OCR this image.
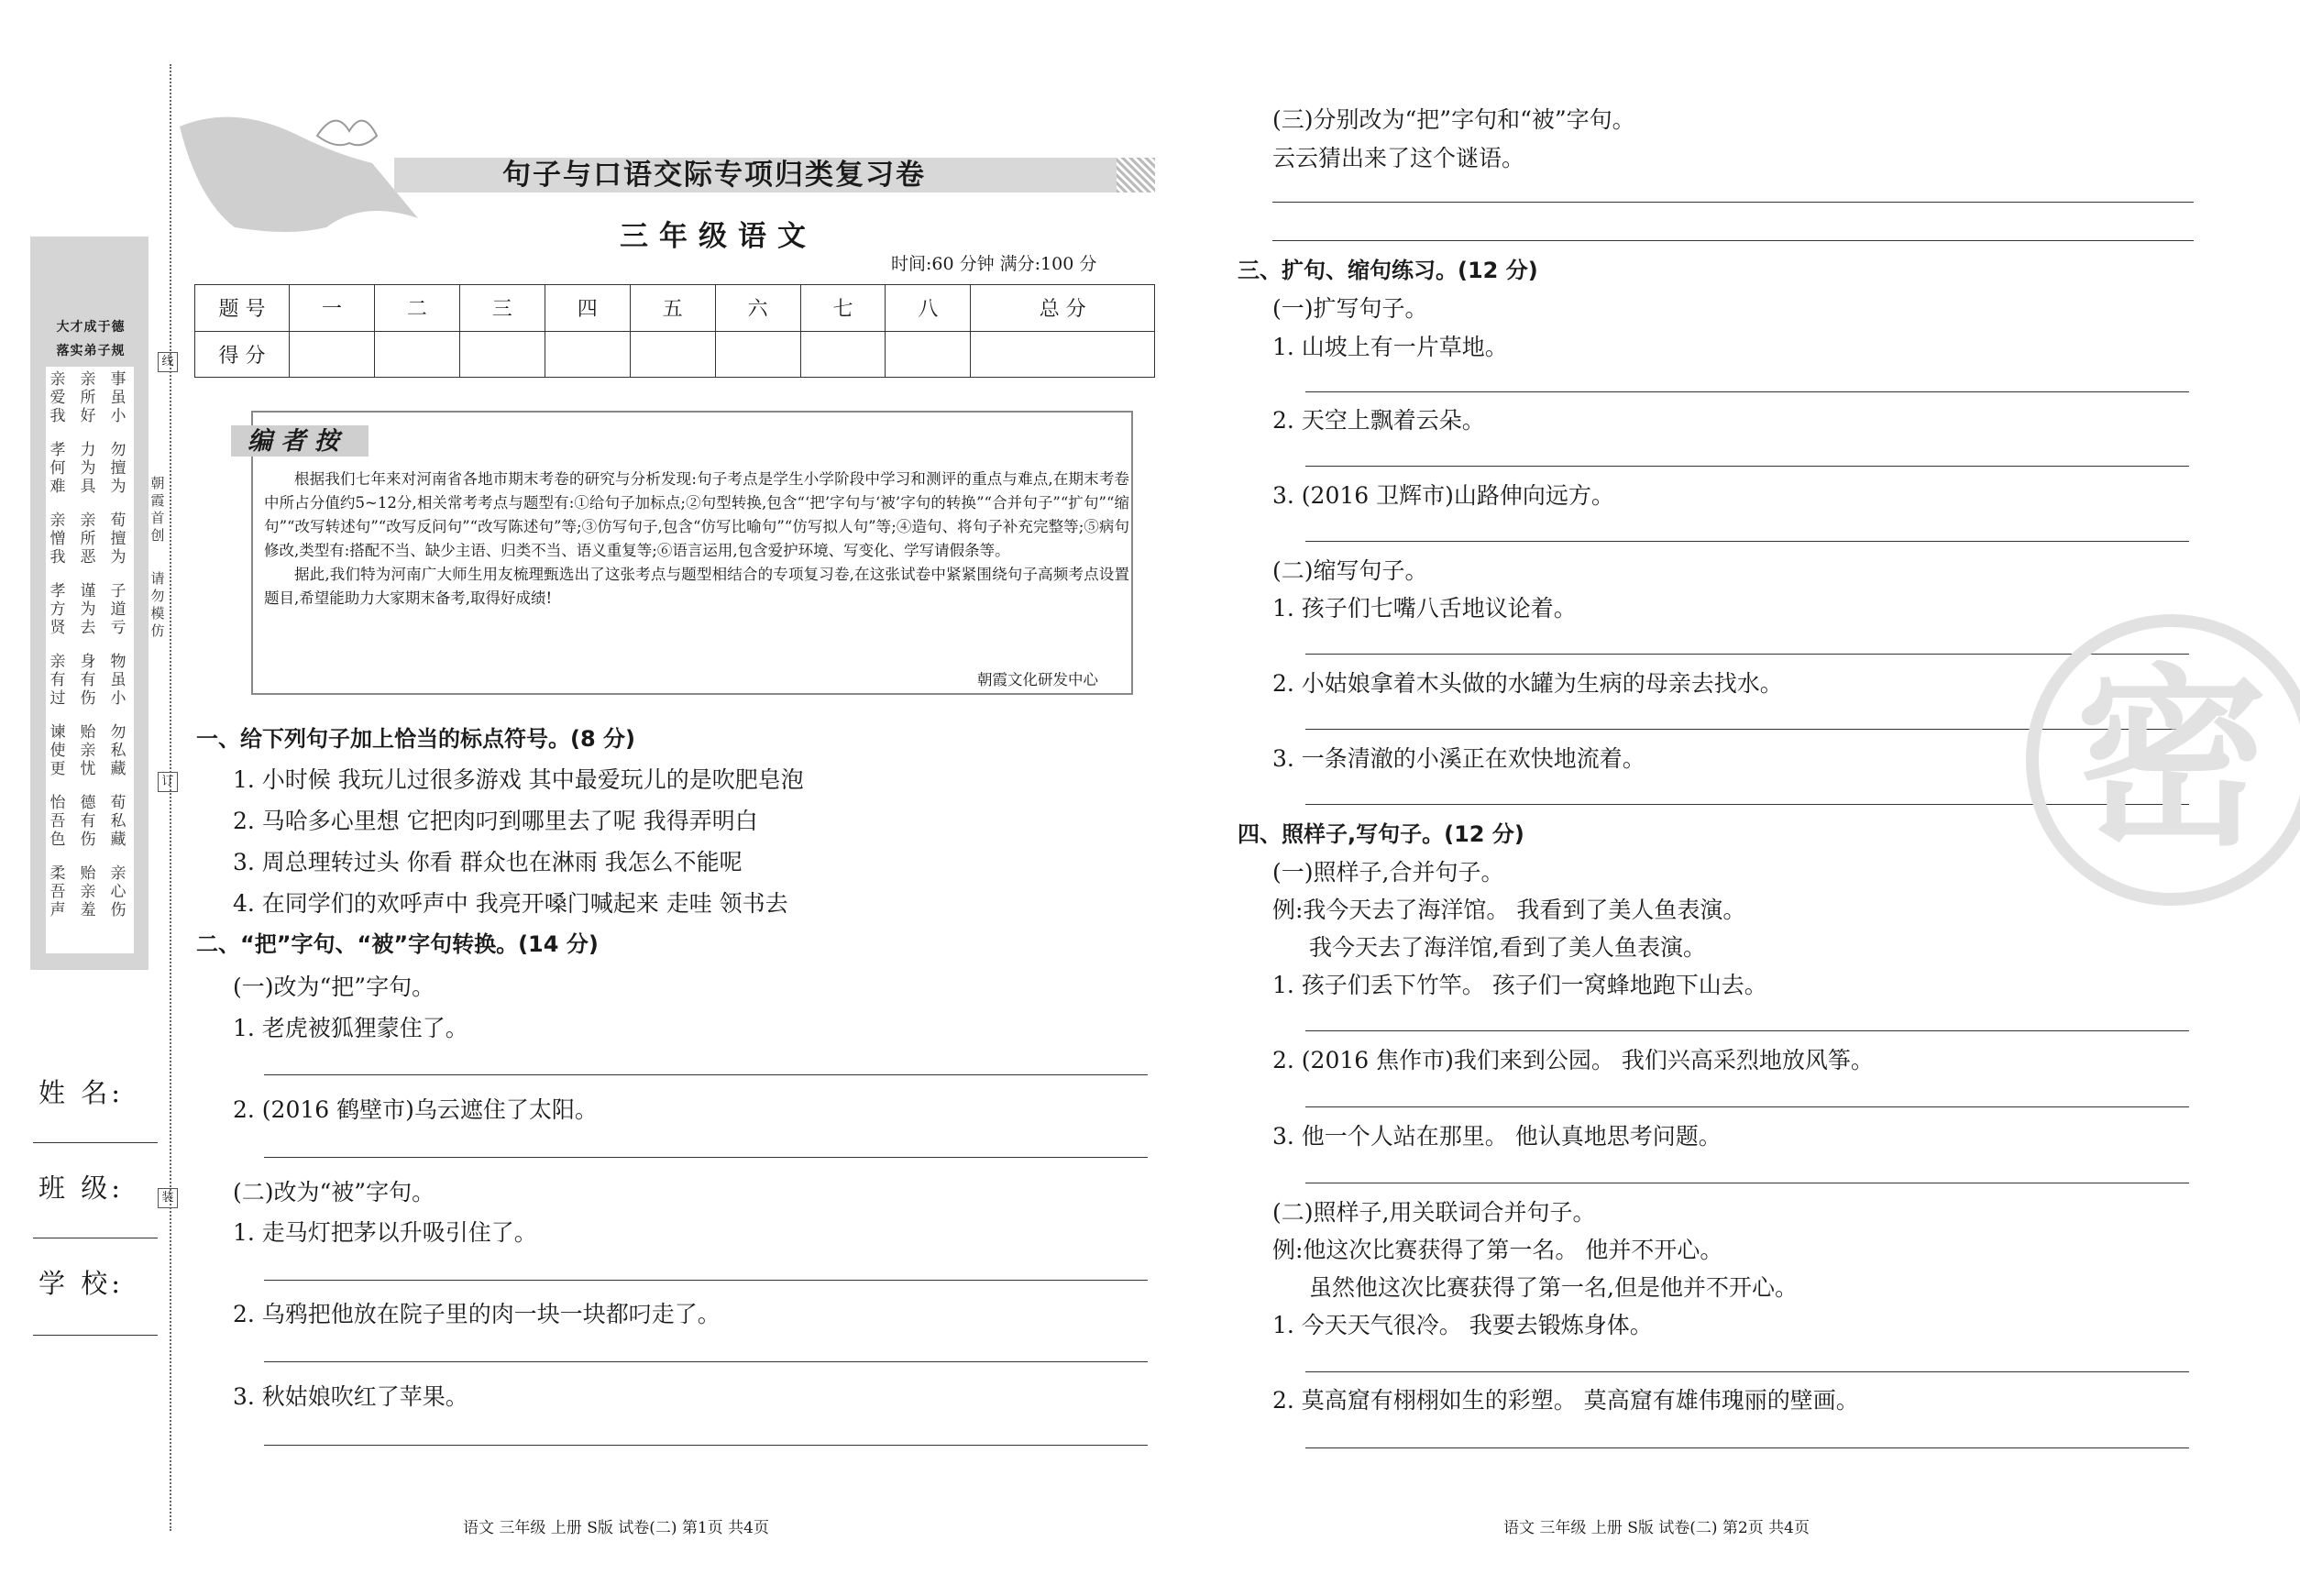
大才成于德
落实弟子规
事虽小
亲所好
亲爱我
勿擅为
力为具
孝何难
荀擅为
亲所恶
亲憎我
子道亏
谨为去
孝方贤
物虽小
身有伤
亲有过
勿私藏
贻亲忧
谏使更
荀私藏
德有伤
怡吾色
亲心伤
贻亲羞
柔吾声
姓 名:
班 级:
学 校:
线
订
装
朝霞首创
请勿模仿
句子与口语交际专项归类复习卷
三年级语文
时间:60 分钟 满分:100 分
题 号	一	二	三	四	五	六	七	八	总 分
得 分									
编 者 按
根据我们七年来对河南省各地市期末考卷的研究与分析发现:句子考点是学生小学阶段中学习和测评的重点与难点,在期末考卷中所占分值约5~12分,相关常考考点与题型有:①给句子加标点;②句型转换,包含“‘把’字句与‘被’字句的转换”“合并句子”“扩句”“缩句”“改写转述句”“改写反问句”“改写陈述句”等;③仿写句子,包含“仿写比喻句”“仿写拟人句”等;④造句、将句子补充完整等;⑤病句修改,类型有:搭配不当、缺少主语、归类不当、语义重复等;⑥语言运用,包含爱护环境、写变化、学写请假条等。
据此,我们特为河南广大师生用友梳理甄选出了这张考点与题型相结合的专项复习卷,在这张试卷中紧紧围绕句子高频考点设置题目,希望能助力大家期末备考,取得好成绩!
朝霞文化研发中心
一、给下列句子加上恰当的标点符号。(8 分)
1. 小时候 我玩儿过很多游戏 其中最爱玩儿的是吹肥皂泡
2. 马哈多心里想 它把肉叼到哪里去了呢 我得弄明白
3. 周总理转过头 你看 群众也在淋雨 我怎么不能呢
4. 在同学们的欢呼声中 我亮开嗓门喊起来 走哇 领书去
二、“把”字句、“被”字句转换。(14 分)
(一)改为“把”字句。
1. 老虎被狐狸蒙住了。
2. (2016 鹤壁市)乌云遮住了太阳。
(二)改为“被”字句。
1. 走马灯把茅以升吸引住了。
2. 乌鸦把他放在院子里的肉一块一块都叼走了。
3. 秋姑娘吹红了苹果。
语文 三年级 上册 S版 试卷(二) 第1页 共4页
(三)分别改为“把”字句和“被”字句。
云云猜出来了这个谜语。
三、扩句、缩句练习。(12 分)
(一)扩写句子。
1. 山坡上有一片草地。
2. 天空上飘着云朵。
3. (2016 卫辉市)山路伸向远方。
(二)缩写句子。
1. 孩子们七嘴八舌地议论着。
2. 小姑娘拿着木头做的水罐为生病的母亲去找水。
3. 一条清澈的小溪正在欢快地流着。
四、照样子,写句子。(12 分)
(一)照样子,合并句子。
例:我今天去了海洋馆。 我看到了美人鱼表演。
我今天去了海洋馆,看到了美人鱼表演。
1. 孩子们丢下竹竿。 孩子们一窝蜂地跑下山去。
2. (2016 焦作市)我们来到公园。 我们兴高采烈地放风筝。
3. 他一个人站在那里。 他认真地思考问题。
(二)照样子,用关联词合并句子。
例:他这次比赛获得了第一名。 他并不开心。
虽然他这次比赛获得了第一名,但是他并不开心。
1. 今天天气很冷。 我要去锻炼身体。
2. 莫高窟有栩栩如生的彩塑。 莫高窟有雄伟瑰丽的壁画。
语文 三年级 上册 S版 试卷(二) 第2页 共4页
密
